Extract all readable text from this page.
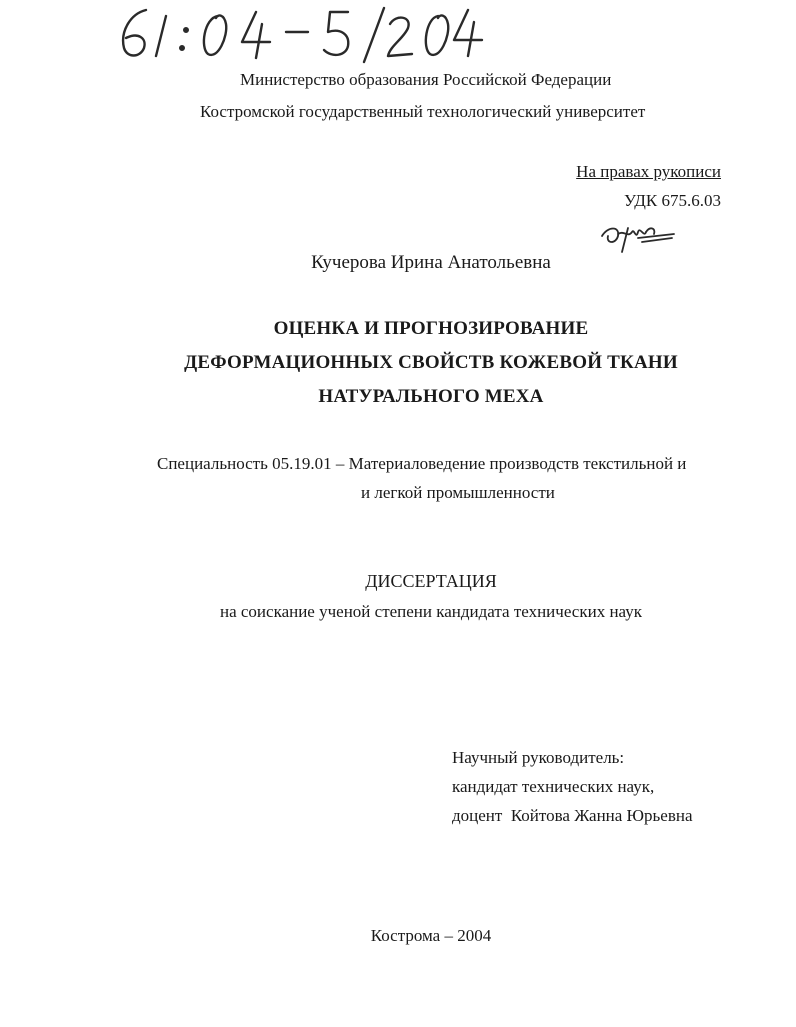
Министерство образования Российской Федерации
Костромской государственный технологический университет
На правах рукописи
УДК 675.6.03
Кучерова Ирина Анатольевна
ОЦЕНКА И ПРОГНОЗИРОВАНИЕ
ДЕФОРМАЦИОННЫХ СВОЙСТВ КОЖЕВОЙ ТКАНИ
НАТУРАЛЬНОГО МЕХА
Специальность 05.19.01 – Материаловедение производств текстильной и
и легкой промышленности
ДИССЕРТАЦИЯ
на соискание ученой степени кандидата технических наук
Научный руководитель:
кандидат технических наук,
доцент  Койтова Жанна Юрьевна
Кострома – 2004
